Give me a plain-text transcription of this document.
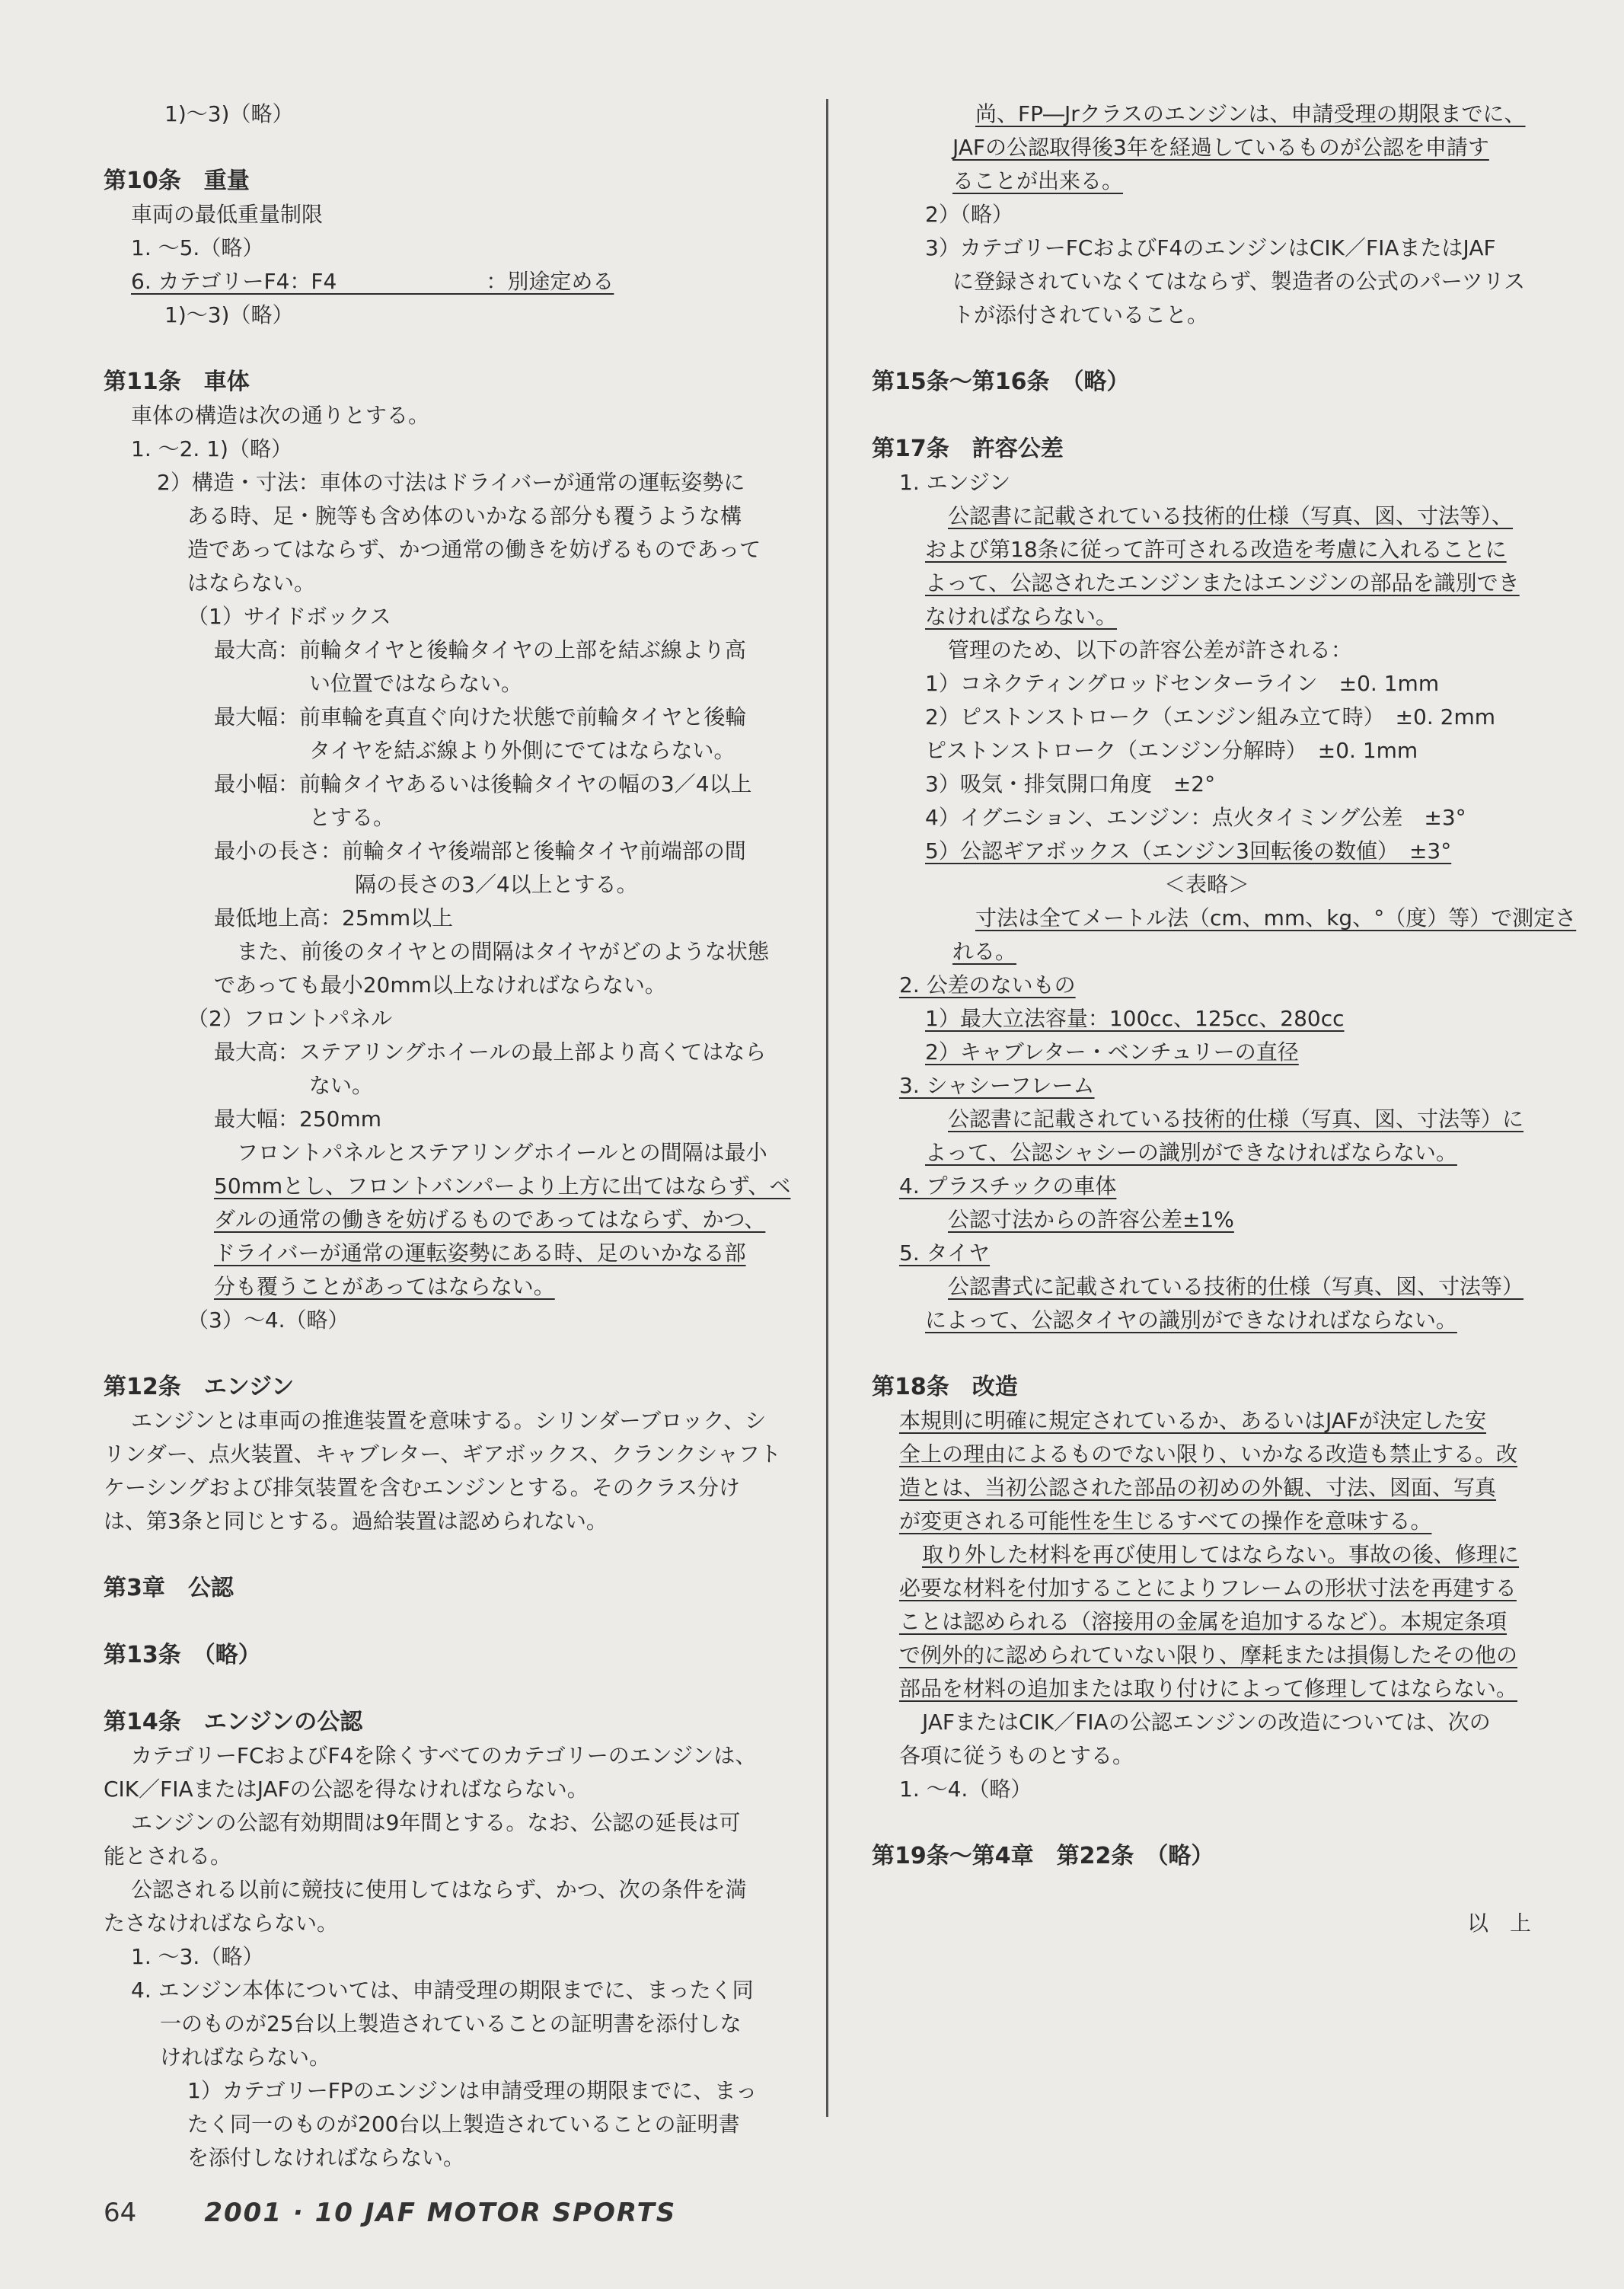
1)～3)（略）
第10条　重量
車両の最低重量制限
1. ～5.（略）
6. カテゴリーF4：F4　　　　　　　：別途定める
1)～3)（略）
第11条　車体
車体の構造は次の通りとする。
1. ～2. 1)（略）
2）構造・寸法：車体の寸法はドライバーが通常の運転姿勢に
ある時、足・腕等も含め体のいかなる部分も覆うような構
造であってはならず、かつ通常の働きを妨げるものであって
はならない。
（1）サイドボックス
最大高：前輪タイヤと後輪タイヤの上部を結ぶ線より高
い位置ではならない。
最大幅：前車輪を真直ぐ向けた状態で前輪タイヤと後輪
タイヤを結ぶ線より外側にでてはならない。
最小幅：前輪タイヤあるいは後輪タイヤの幅の3／4以上
とする。
最小の長さ：前輪タイヤ後端部と後輪タイヤ前端部の間
隔の長さの3／4以上とする。
最低地上高：25mm以上
また、前後のタイヤとの間隔はタイヤがどのような状態
であっても最小20mm以上なければならない。
（2）フロントパネル
最大高：ステアリングホイールの最上部より高くてはなら
ない。
最大幅：250mm
フロントパネルとステアリングホイールとの間隔は最小
50mmとし、フロントバンパーより上方に出てはならず、ベ
ダルの通常の働きを妨げるものであってはならず、かつ、
ドライバーが通常の運転姿勢にある時、足のいかなる部
分も覆うことがあってはならない。
（3）～4.（略）
第12条　エンジン
エンジンとは車両の推進装置を意味する。シリンダーブロック、シ
リンダー、点火装置、キャブレター、ギアボックス、クランクシャフト
ケーシングおよび排気装置を含むエンジンとする。そのクラス分け
は、第3条と同じとする。過給装置は認められない。
第3章　公認
第13条　（略）
第14条　エンジンの公認
カテゴリーFCおよびF4を除くすべてのカテゴリーのエンジンは、
CIK／FIAまたはJAFの公認を得なければならない。
エンジンの公認有効期間は9年間とする。なお、公認の延長は可
能とされる。
公認される以前に競技に使用してはならず、かつ、次の条件を満
たさなければならない。
1. ～3.（略）
4. エンジン本体については、申請受理の期限までに、まったく同
一のものが25台以上製造されていることの証明書を添付しな
ければならない。
1）カテゴリーFPのエンジンは申請受理の期限までに、まっ
たく同一のものが200台以上製造されていることの証明書
を添付しなければならない。
尚、FP―Jrクラスのエンジンは、申請受理の期限までに、
JAFの公認取得後3年を経過しているものが公認を申請す
ることが出来る。
2）（略）
3）カテゴリーFCおよびF4のエンジンはCIK／FIAまたはJAF
に登録されていなくてはならず、製造者の公式のパーツリス
トが添付されていること。
第15条～第16条　（略）
第17条　許容公差
1. エンジン
公認書に記載されている技術的仕様（写真、図、寸法等）、
および第18条に従って許可される改造を考慮に入れることに
よって、公認されたエンジンまたはエンジンの部品を識別でき
なければならない。
管理のため、以下の許容公差が許される：
1）コネクティングロッドセンターライン　±0. 1mm
2）ピストンストローク（エンジン組み立て時）　±0. 2mm
ピストンストローク（エンジン分解時）　±0. 1mm
3）吸気・排気開口角度　±2°
4）イグニション、エンジン：点火タイミング公差　±3°
5）公認ギアボックス（エンジン3回転後の数値）　±3°
＜表略＞
寸法は全てメートル法（cm、mm、kg、°（度）等）で測定さ
れる。
2. 公差のないもの
1）最大立法容量：100cc、125cc、280cc
2）キャブレター・ベンチュリーの直径
3. シャシーフレーム
公認書に記載されている技術的仕様（写真、図、寸法等）に
よって、公認シャシーの識別ができなければならない。
4. プラスチックの車体
公認寸法からの許容公差±1%
5. タイヤ
公認書式に記載されている技術的仕様（写真、図、寸法等）
によって、公認タイヤの識別ができなければならない。
第18条　改造
本規則に明確に規定されているか、あるいはJAFが決定した安
全上の理由によるものでない限り、いかなる改造も禁止する。改
造とは、当初公認された部品の初めの外観、寸法、図面、写真
が変更される可能性を生じるすべての操作を意味する。
取り外した材料を再び使用してはならない。事故の後、修理に
必要な材料を付加することによりフレームの形状寸法を再建する
ことは認められる（溶接用の金属を追加するなど）。本規定条項
で例外的に認められていない限り、摩耗または損傷したその他の
部品を材料の追加または取り付けによって修理してはならない。
JAFまたはCIK／FIAの公認エンジンの改造については、次の
各項に従うものとする。
1. ～4.（略）
第19条～第4章　第22条　（略）
以　上
64	2001 · 10 JAF MOTOR SPORTS
